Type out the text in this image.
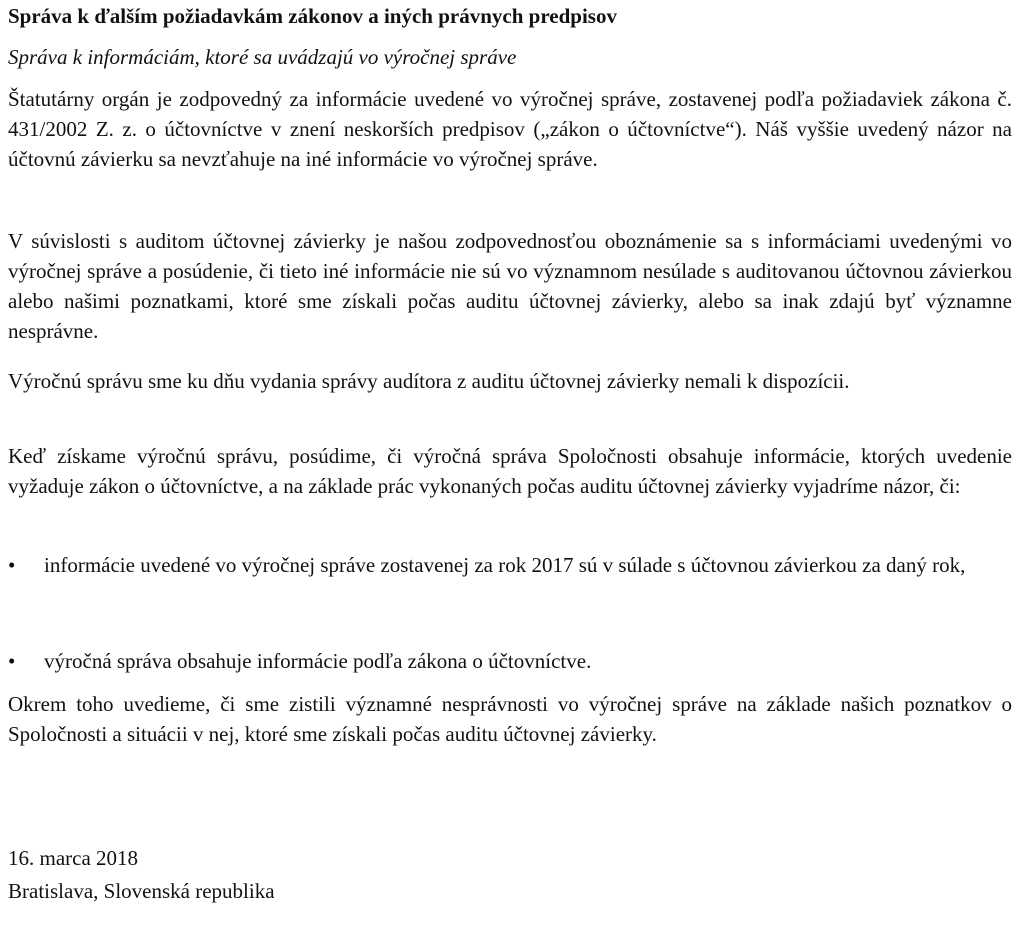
Správa k ďalším požiadavkám zákonov a iných právnych predpisov
Správa k informáciám, ktoré sa uvádzajú vo výročnej správe
Štatutárny orgán je zodpovedný za informácie uvedené vo výročnej správe, zostavenej podľa požiadaviek zákona č. 431/2002 Z. z. o účtovníctve v znení neskorších predpisov („zákon o účtovníctve“). Náš vyššie uvedený názor na účtovnú závierku sa nevzťahuje na iné informácie vo výročnej správe.
V súvislosti s auditom účtovnej závierky je našou zodpovednosťou oboznámenie sa s informáciami uvedenými vo výročnej správe a posúdenie, či tieto iné informácie nie sú vo významnom nesúlade s auditovanou účtovnou závierkou alebo našimi poznatkami, ktoré sme získali počas auditu účtovnej závierky, alebo sa inak zdajú byť významne nesprávne.
Výročnú správu sme ku dňu vydania správy audítora z auditu účtovnej závierky nemali k dispozícii.
Keď získame výročnú správu, posúdime, či výročná správa Spoločnosti obsahuje informácie, ktorých uvedenie vyžaduje zákon o účtovníctve, a na základe prác vykonaných počas auditu účtovnej závierky vyjadríme názor, či:
•	informácie uvedené vo výročnej správe zostavenej za rok 2017 sú v súlade s účtovnou závierkou za daný rok,
•	výročná správa obsahuje informácie podľa zákona o účtovníctve.
Okrem toho uvedieme, či sme zistili významné nesprávnosti vo výročnej správe na základe našich poznatkov o Spoločnosti a situácii v nej, ktoré sme získali počas auditu účtovnej závierky.
16. marca 2018
Bratislava, Slovenská republika
